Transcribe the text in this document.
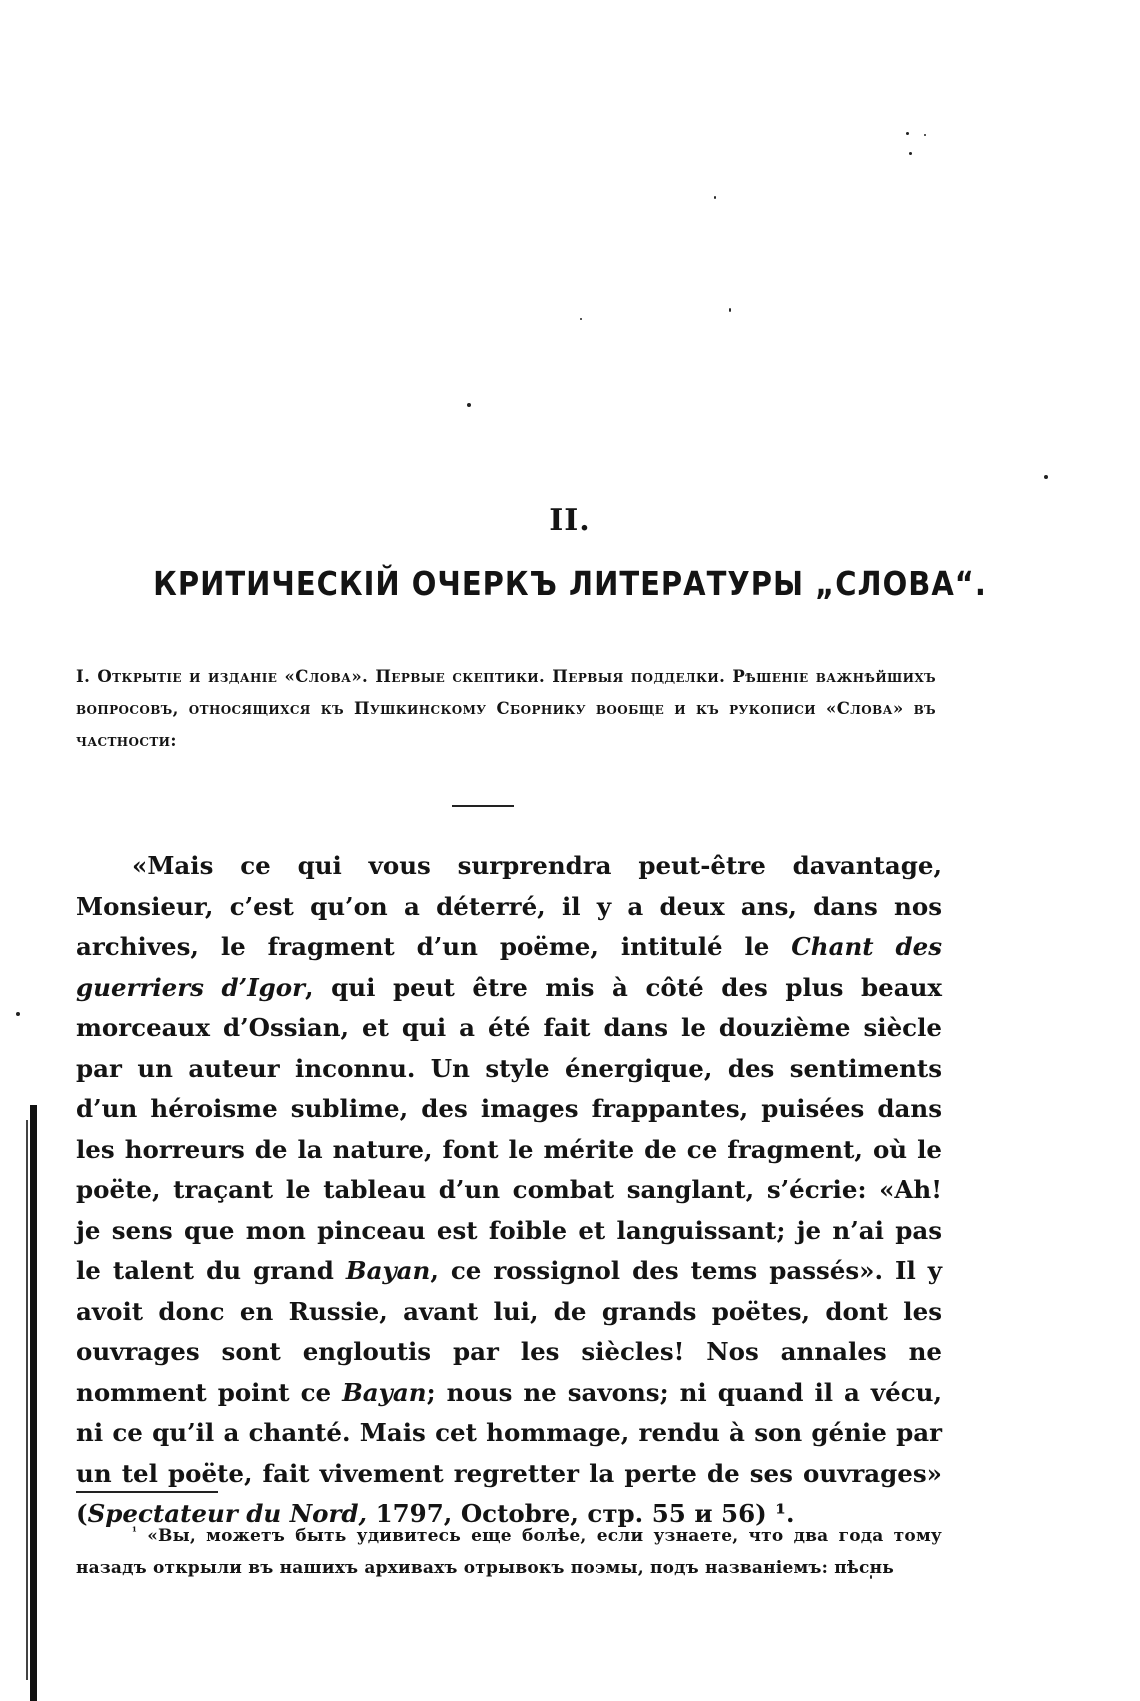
II.
КРИТИЧЕСКІЙ ОЧЕРКЪ ЛИТЕРАТУРЫ „СЛОВА“.
I. Открытіе и изданіе «Слова». Первые скептики. Первыя подделки. Рѣшеніе важнѣйшихъ вопросовъ, относящихся къ Пушкинскому Сборнику вообще и къ рукописи «Слова» въ частности:
«Mais ce qui vous surprendra peut-être davantage, Monsieur, c’est qu’on a déterré, il y a deux ans, dans nos archives, le fragment d’un poëme, intitulé le Chant des guerriers d’Igor, qui peut être mis à côté des plus beaux morceaux d’Ossian, et qui a été fait dans le douzième siècle par un auteur inconnu. Un style énergique, des sentiments d’un héroisme sublime, des images frappantes, puisées dans les horreurs de la nature, font le mérite de ce fragment, où le poëte, traçant le tableau d’un combat sanglant, s’écrie: «Ah! je sens que mon pinceau est foible et languissant; je n’ai pas le talent du grand Bayan, ce rossignol des tems passés». Il y avoit donc en Russie, avant lui, de grands poëtes, dont les ouvrages sont engloutis par les siècles! Nos annales ne nomment point ce Bayan; nous ne savons; ni quand il a vécu, ni ce qu’il a chanté. Mais cet hommage, rendu à son génie par un tel poëte, fait vivement regretter la perte de ses ouvrages» (Spectateur du Nord, 1797, Octobre, стр. 55 и 56) ¹.
$^{^1}$ «Вы, можетъ быть удивитесь еще болѣе, если узнаете, что два года тому назадъ открыли въ нашихъ архивахъ отрывокъ поэмы, подъ названіемъ: пѣснь
